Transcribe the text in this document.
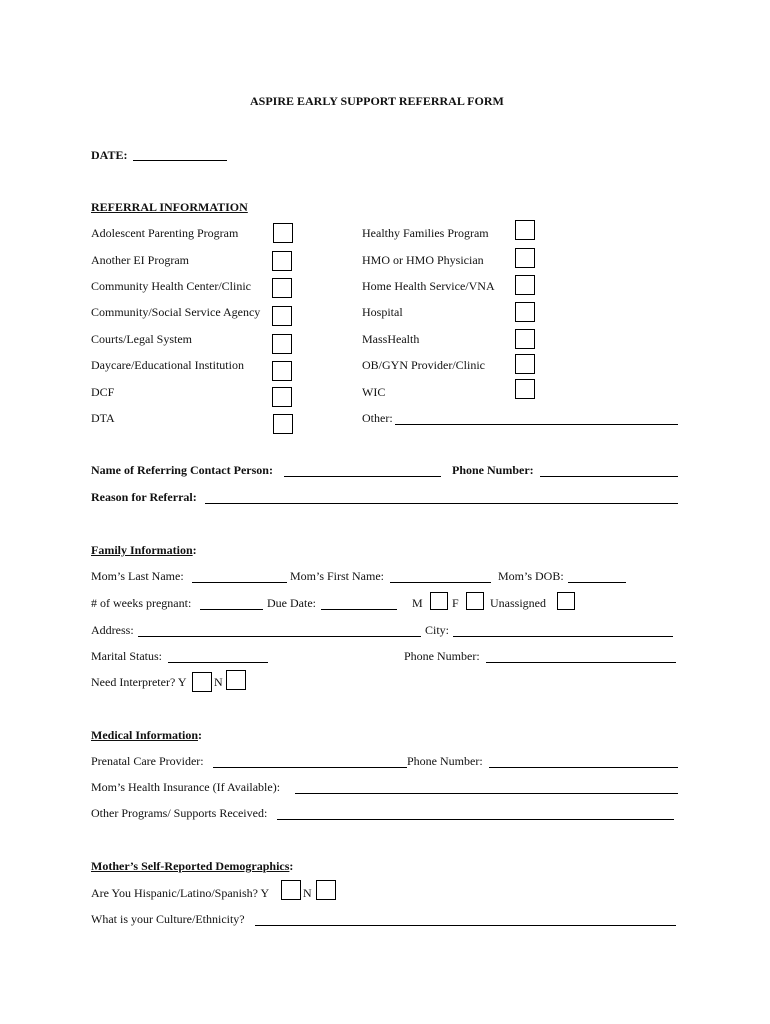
ASPIRE EARLY SUPPORT REFERRAL FORM
DATE:
REFERRAL INFORMATION
Adolescent Parenting Program
Another EI Program
Community Health Center/Clinic
Community/Social Service Agency
Courts/Legal System
Daycare/Educational Institution
DCF
DTA
Healthy Families Program
HMO or HMO Physician
Home Health Service/VNA
Hospital
MassHealth
OB/GYN Provider/Clinic
WIC
Other:
Name of Referring Contact Person:	Phone Number:
Reason for Referral:
Family Information:
Mom’s Last Name:	Mom’s First Name:	Mom’s DOB:
# of weeks pregnant:	Due Date:	M F	Unassigned
Address:	City:
Marital Status:	Phone Number:
Need Interpreter? Y N
Medical Information:
Prenatal Care Provider:	Phone Number:
Mom’s Health Insurance (If Available):
Other Programs/ Supports Received:
Mother’s Self-Reported Demographics:
Are You Hispanic/Latino/Spanish? Y	N
What is your Culture/Ethnicity?
